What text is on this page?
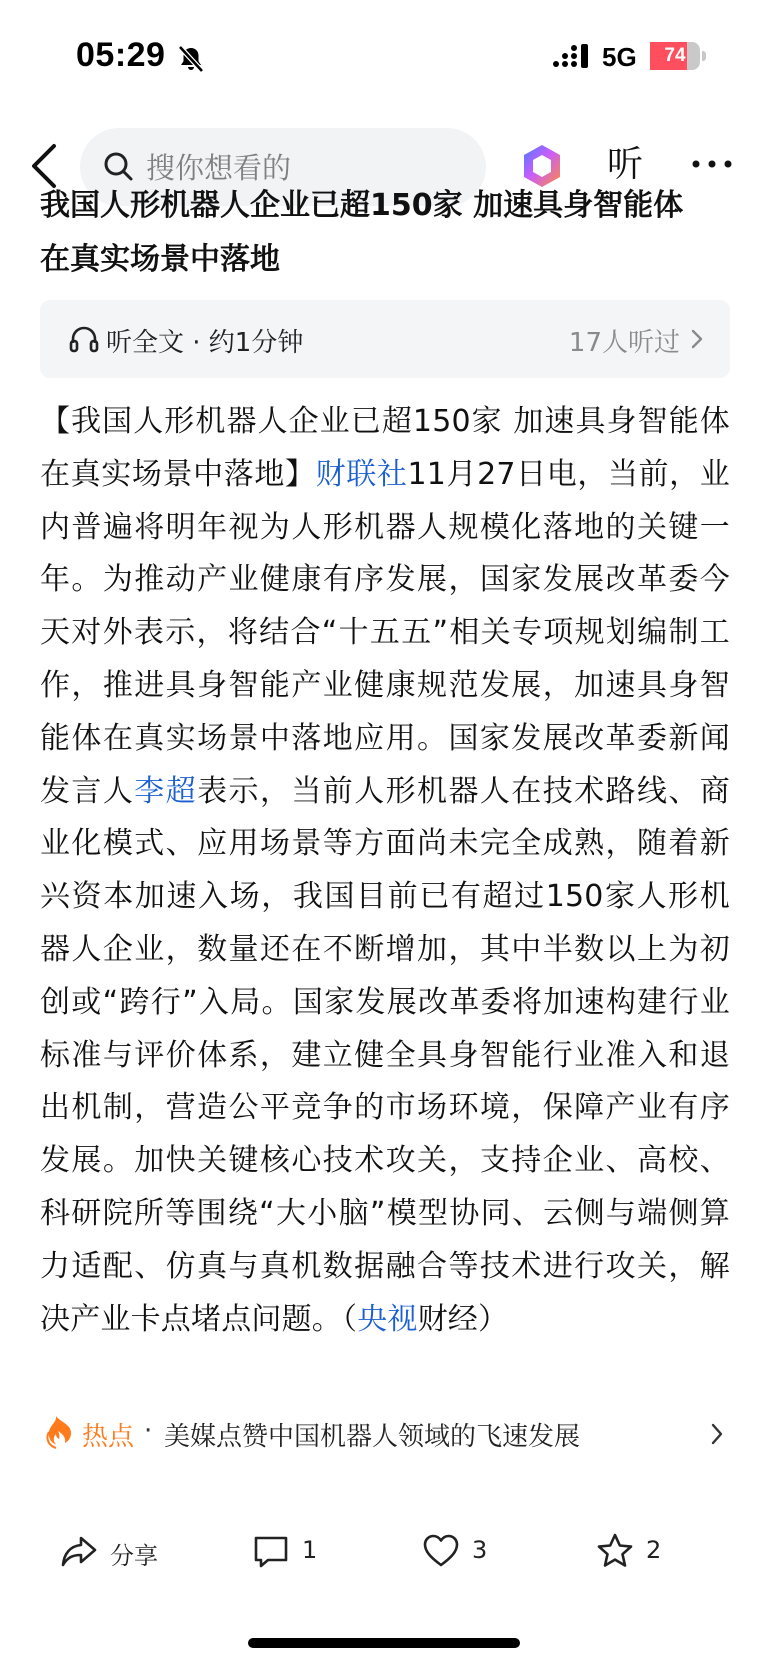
05:29	5G	74
搜你想看的	听
我国人形机器人企业已超150家 加速具身智能体
在真实场景中落地
听全文 · 约1分钟	17人听过
【我国人形机器人企业已超150家 加速具身智能体在真实场景中落地】财联社11月27日电，当前，业内普遍将明年视为人形机器人规模化落地的关键一年。为推动产业健康有序发展，国家发展改革委今天对外表示，将结合“十五五”相关专项规划编制工作，推进具身智能产业健康规范发展，加速具身智能体在真实场景中落地应用。国家发展改革委新闻发言人李超表示，当前人形机器人在技术路线、商业化模式、应用场景等方面尚未完全成熟，随着新兴资本加速入场，我国目前已有超过150家人形机器人企业，数量还在不断增加，其中半数以上为初创或“跨行”入局。国家发展改革委将加速构建行业标准与评价体系，建立健全具身智能行业准入和退出机制，营造公平竞争的市场环境，保障产业有序发展。加快关键核心技术攻关，支持企业、高校、科研院所等围绕“大小脑”模型协同、云侧与端侧算力适配、仿真与真机数据融合等技术进行攻关，解决产业卡点堵点问题。（央视财经）
热点 · 美媒点赞中国机器人领域的飞速发展
分享	1	3	2
